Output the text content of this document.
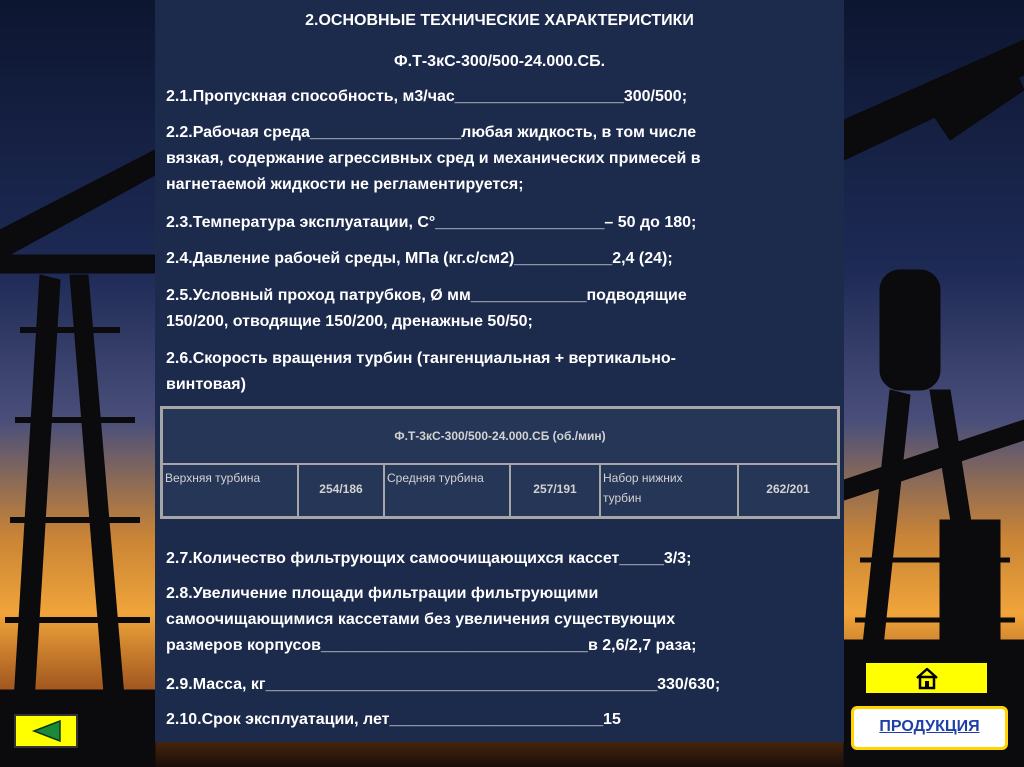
2.ОСНОВНЫЕ ТЕХНИЧЕСКИЕ ХАРАКТЕРИСТИКИ
Ф.Т-3кС-300/500-24.000.СБ.
2.1.Пропускная способность, м3/час___________________300/500;
2.2.Рабочая среда_________________любая жидкость, в том числе
вязкая, содержание агрессивных сред и механических примесей в
нагнетаемой жидкости не регламентируется;
2.3.Температура эксплуатации, С°___________________– 50 до 180;
2.4.Давление рабочей среды, МПа (кг.с/см2)___________2,4 (24);
2.5.Условный проход патрубков, Ø мм_____________подводящие
150/200, отводящие 150/200, дренажные 50/50;
2.6.Скорость вращения турбин (тангенциальная + вертикально-
винтовая)
Ф.Т-3кС-300/500-24.000.СБ (об./мин)
Верхняя турбина
254/186
Средняя турбина
257/191
Набор нижних
турбин
262/201
2.7.Количество фильтрующих самоочищающихся кассет_____3/3;
2.8.Увеличение площади фильтрации фильтрующими
самоочищающимися кассетами без увеличения существующих
размеров корпусов______________________________в 2,6/2,7 раза;
2.9.Масса, кг____________________________________________330/630;
2.10.Срок эксплуатации, лет________________________15	ПРОДУКЦИЯ
